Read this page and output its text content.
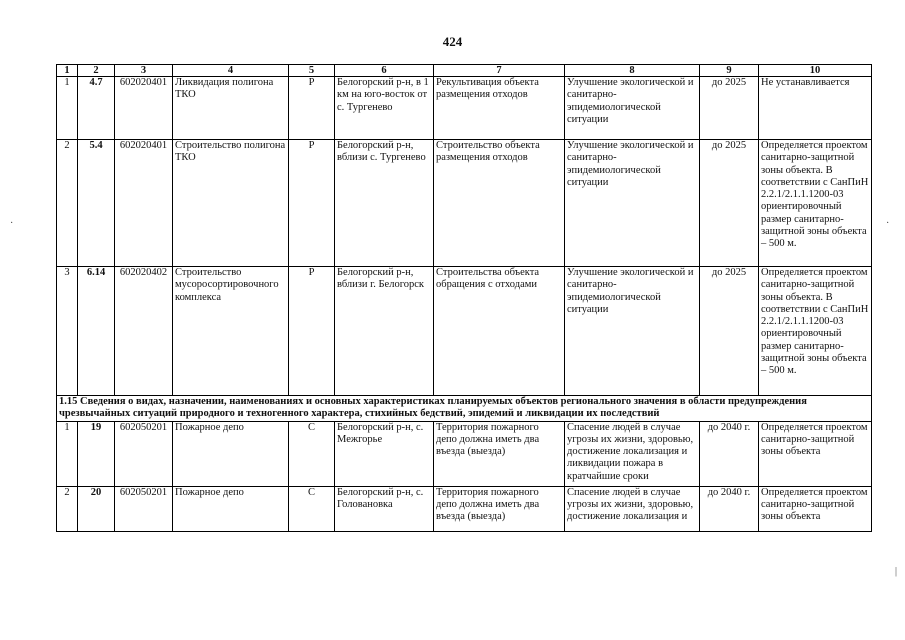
424
1	2	3	4	5	6	7	8	9	10
1	4.7	602020401	Ликвидация полигона ТКО	Р	Белогорский р-н, в 1 км на юго-восток от с. Тургенево	Рекультивация объекта размещения отходов	Улучшение экологической и санитарно-эпидемиологической ситуации	до 2025	Не устанавливается
2	5.4	602020401	Строительство полигона ТКО	Р	Белогорский р-н, вблизи с. Тургенево	Строительство объекта размещения отходов	Улучшение экологической и санитарно-эпидемиологической ситуации	до 2025	Определяется проектом санитарно-защитной зоны объекта. В соответствии с СанПиН 2.2.1/2.1.1.1200-03 ориентировочный размер санитарно-защитной зоны объекта – 500 м.
3	6.14	602020402	Строительство мусоросортировочного комплекса	Р	Белогорский р-н, вблизи г. Белогорск	Строительства объекта обращения с отходами	Улучшение экологической и санитарно-эпидемиологической ситуации	до 2025	Определяется проектом санитарно-защитной зоны объекта. В соответствии с СанПиН 2.2.1/2.1.1.1200-03 ориентировочный размер санитарно-защитной зоны объекта – 500 м.
1.15 Сведения о видах, назначении, наименованиях и основных характеристиках планируемых объектов регионального значения в области предупреждения чрезвычайных ситуаций природного и техногенного характера, стихийных бедствий, эпидемий и ликвидации их последствий									
1	19	602050201	Пожарное депо	С	Белогорский р-н, с. Межгорье	Территория пожарного депо должна иметь два въезда (выезда)	Спасение людей в случае угрозы их жизни, здоровью, достижение локализация и ликвидации пожара в кратчайшие сроки	до 2040 г.	Определяется проектом санитарно-защитной зоны объекта
2	20	602050201	Пожарное депо	С	Белогорский р-н, с. Головановка	Территория пожарного депо должна иметь два въезда (выезда)	Спасение людей в случае угрозы их жизни, здоровью, достижение локализация и	до 2040 г.	Определяется проектом санитарно-защитной зоны объекта
·	·
|
